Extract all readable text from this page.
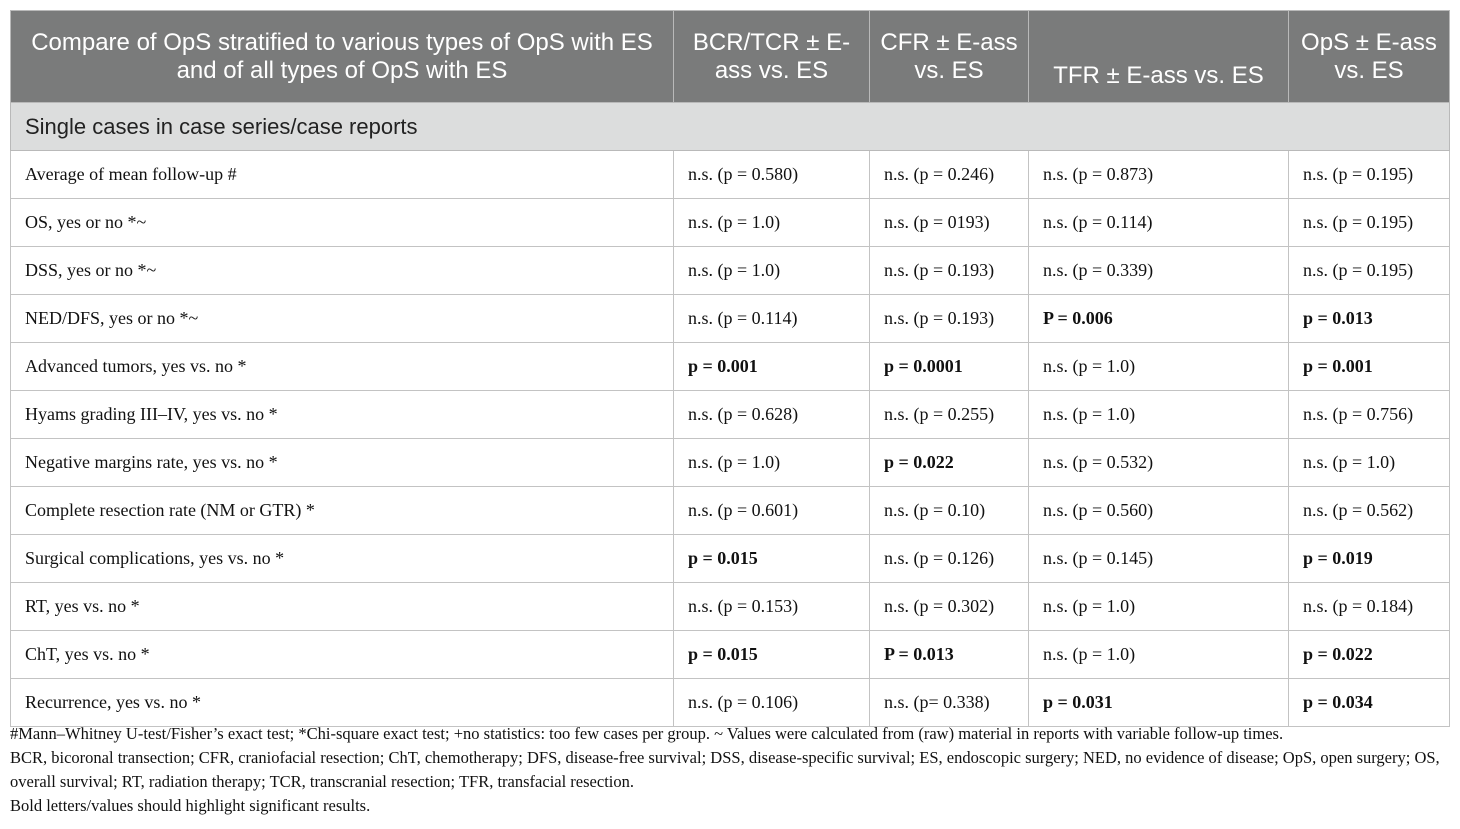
Compare of OpS stratified to various types of OpS with ES and of all types of OpS with ES	BCR/TCR ± E-ass vs. ES	CFR ± E-ass vs. ES	TFR ± E-ass vs. ES	OpS ± E-ass vs. ES
Single cases in case series/case reports				
Average of mean follow-up #	n.s. (p = 0.580)	n.s. (p = 0.246)	n.s. (p = 0.873)	n.s. (p = 0.195)
OS, yes or no *~	n.s. (p = 1.0)	n.s. (p = 0193)	n.s. (p = 0.114)	n.s. (p = 0.195)
DSS, yes or no *~	n.s. (p = 1.0)	n.s. (p = 0.193)	n.s. (p = 0.339)	n.s. (p = 0.195)
NED/DFS, yes or no *~	n.s. (p = 0.114)	n.s. (p = 0.193)	P = 0.006	p = 0.013
Advanced tumors, yes vs. no *	p = 0.001	p = 0.0001	n.s. (p = 1.0)	p = 0.001
Hyams grading III–IV, yes vs. no *	n.s. (p = 0.628)	n.s. (p = 0.255)	n.s. (p = 1.0)	n.s. (p = 0.756)
Negative margins rate, yes vs. no *	n.s. (p = 1.0)	p = 0.022	n.s. (p = 0.532)	n.s. (p = 1.0)
Complete resection rate (NM or GTR) *	n.s. (p = 0.601)	n.s. (p = 0.10)	n.s. (p = 0.560)	n.s. (p = 0.562)
Surgical complications, yes vs. no *	p = 0.015	n.s. (p = 0.126)	n.s. (p = 0.145)	p = 0.019
RT, yes vs. no *	n.s. (p = 0.153)	n.s. (p = 0.302)	n.s. (p = 1.0)	n.s. (p = 0.184)
ChT, yes vs. no *	p = 0.015	P = 0.013	n.s. (p = 1.0)	p = 0.022
Recurrence, yes vs. no *	n.s. (p = 0.106)	n.s. (p= 0.338)	p = 0.031	p = 0.034

#Mann–Whitney U-test/Fisher’s exact test; *Chi-square exact test; +no statistics: too few cases per group. ~ Values were calculated from (raw) material in reports with variable follow-up times.

BCR, bicoronal transection; CFR, craniofacial resection; ChT, chemotherapy; DFS, disease-free survival; DSS, disease-specific survival; ES, endoscopic surgery; NED, no evidence of disease; OpS, open surgery; OS, overall survival; RT, radiation therapy; TCR, transcranial resection; TFR, transfacial resection.

Bold letters/values should highlight significant results.
